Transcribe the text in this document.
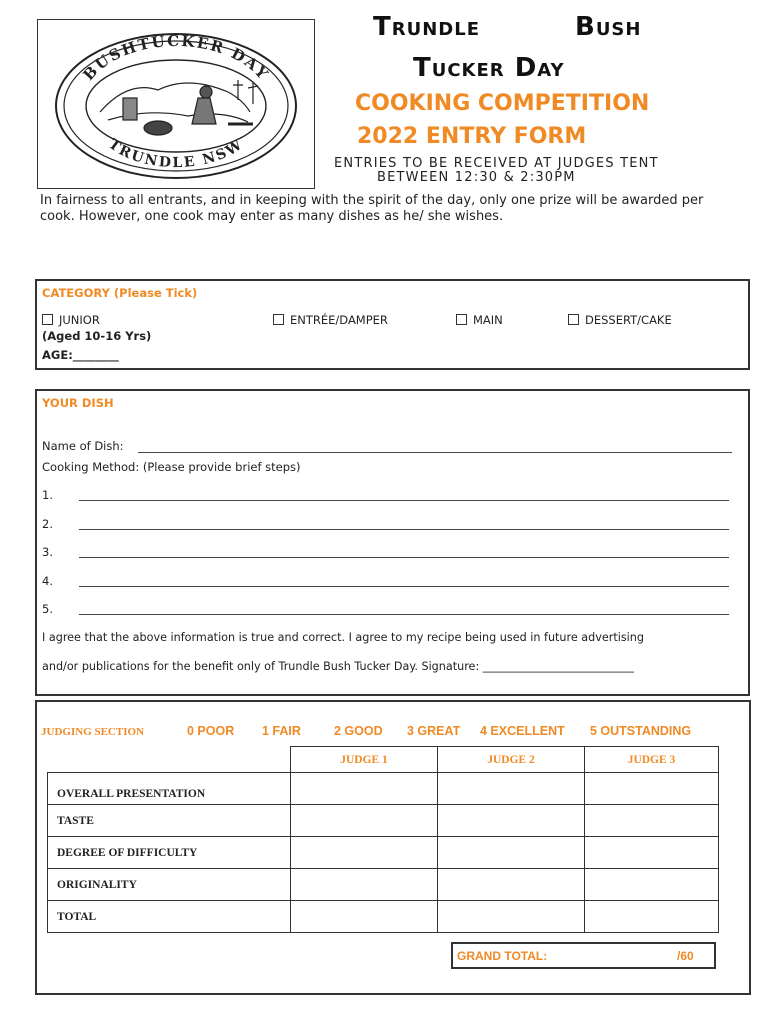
BUSHTUCKER DAY
TRUNDLE NSW
Trundle	Bush
Tucker Day
COOKING COMPETITION
2022 ENTRY FORM
ENTRIES TO BE RECEIVED AT JUDGES TENT
BETWEEN 12:30 & 2:30PM
In fairness to all entrants, and in keeping with the spirit of the day, only one prize will be awarded per cook. However, one cook may enter as many dishes as he/ she wishes.
CATEGORY (Please Tick)
JUNIOR
(Aged 10-16 Yrs)
AGE:________
ENTRÉE/DAMPER	MAIN	DESSERT/CAKE
YOUR DISH
Name of Dish:
Cooking Method: (Please provide brief steps)
1.
2.
3.
4.
5.
I agree that the above information is true and correct. I agree to my recipe being used in future advertising
and/or publications for the benefit only of Trundle Bush Tucker Day. Signature: ___________________________
JUDGING SECTION	0 POOR 1 FAIR	2 GOOD 3 GREAT 4 EXCELLENT 5 OUTSTANDING
	JUDGE 1	JUDGE 2	JUDGE 3
OVERALL PRESENTATION			
TASTE			
DEGREE OF DIFFICULTY			
ORIGINALITY			
TOTAL			
GRAND TOTAL:	/60
